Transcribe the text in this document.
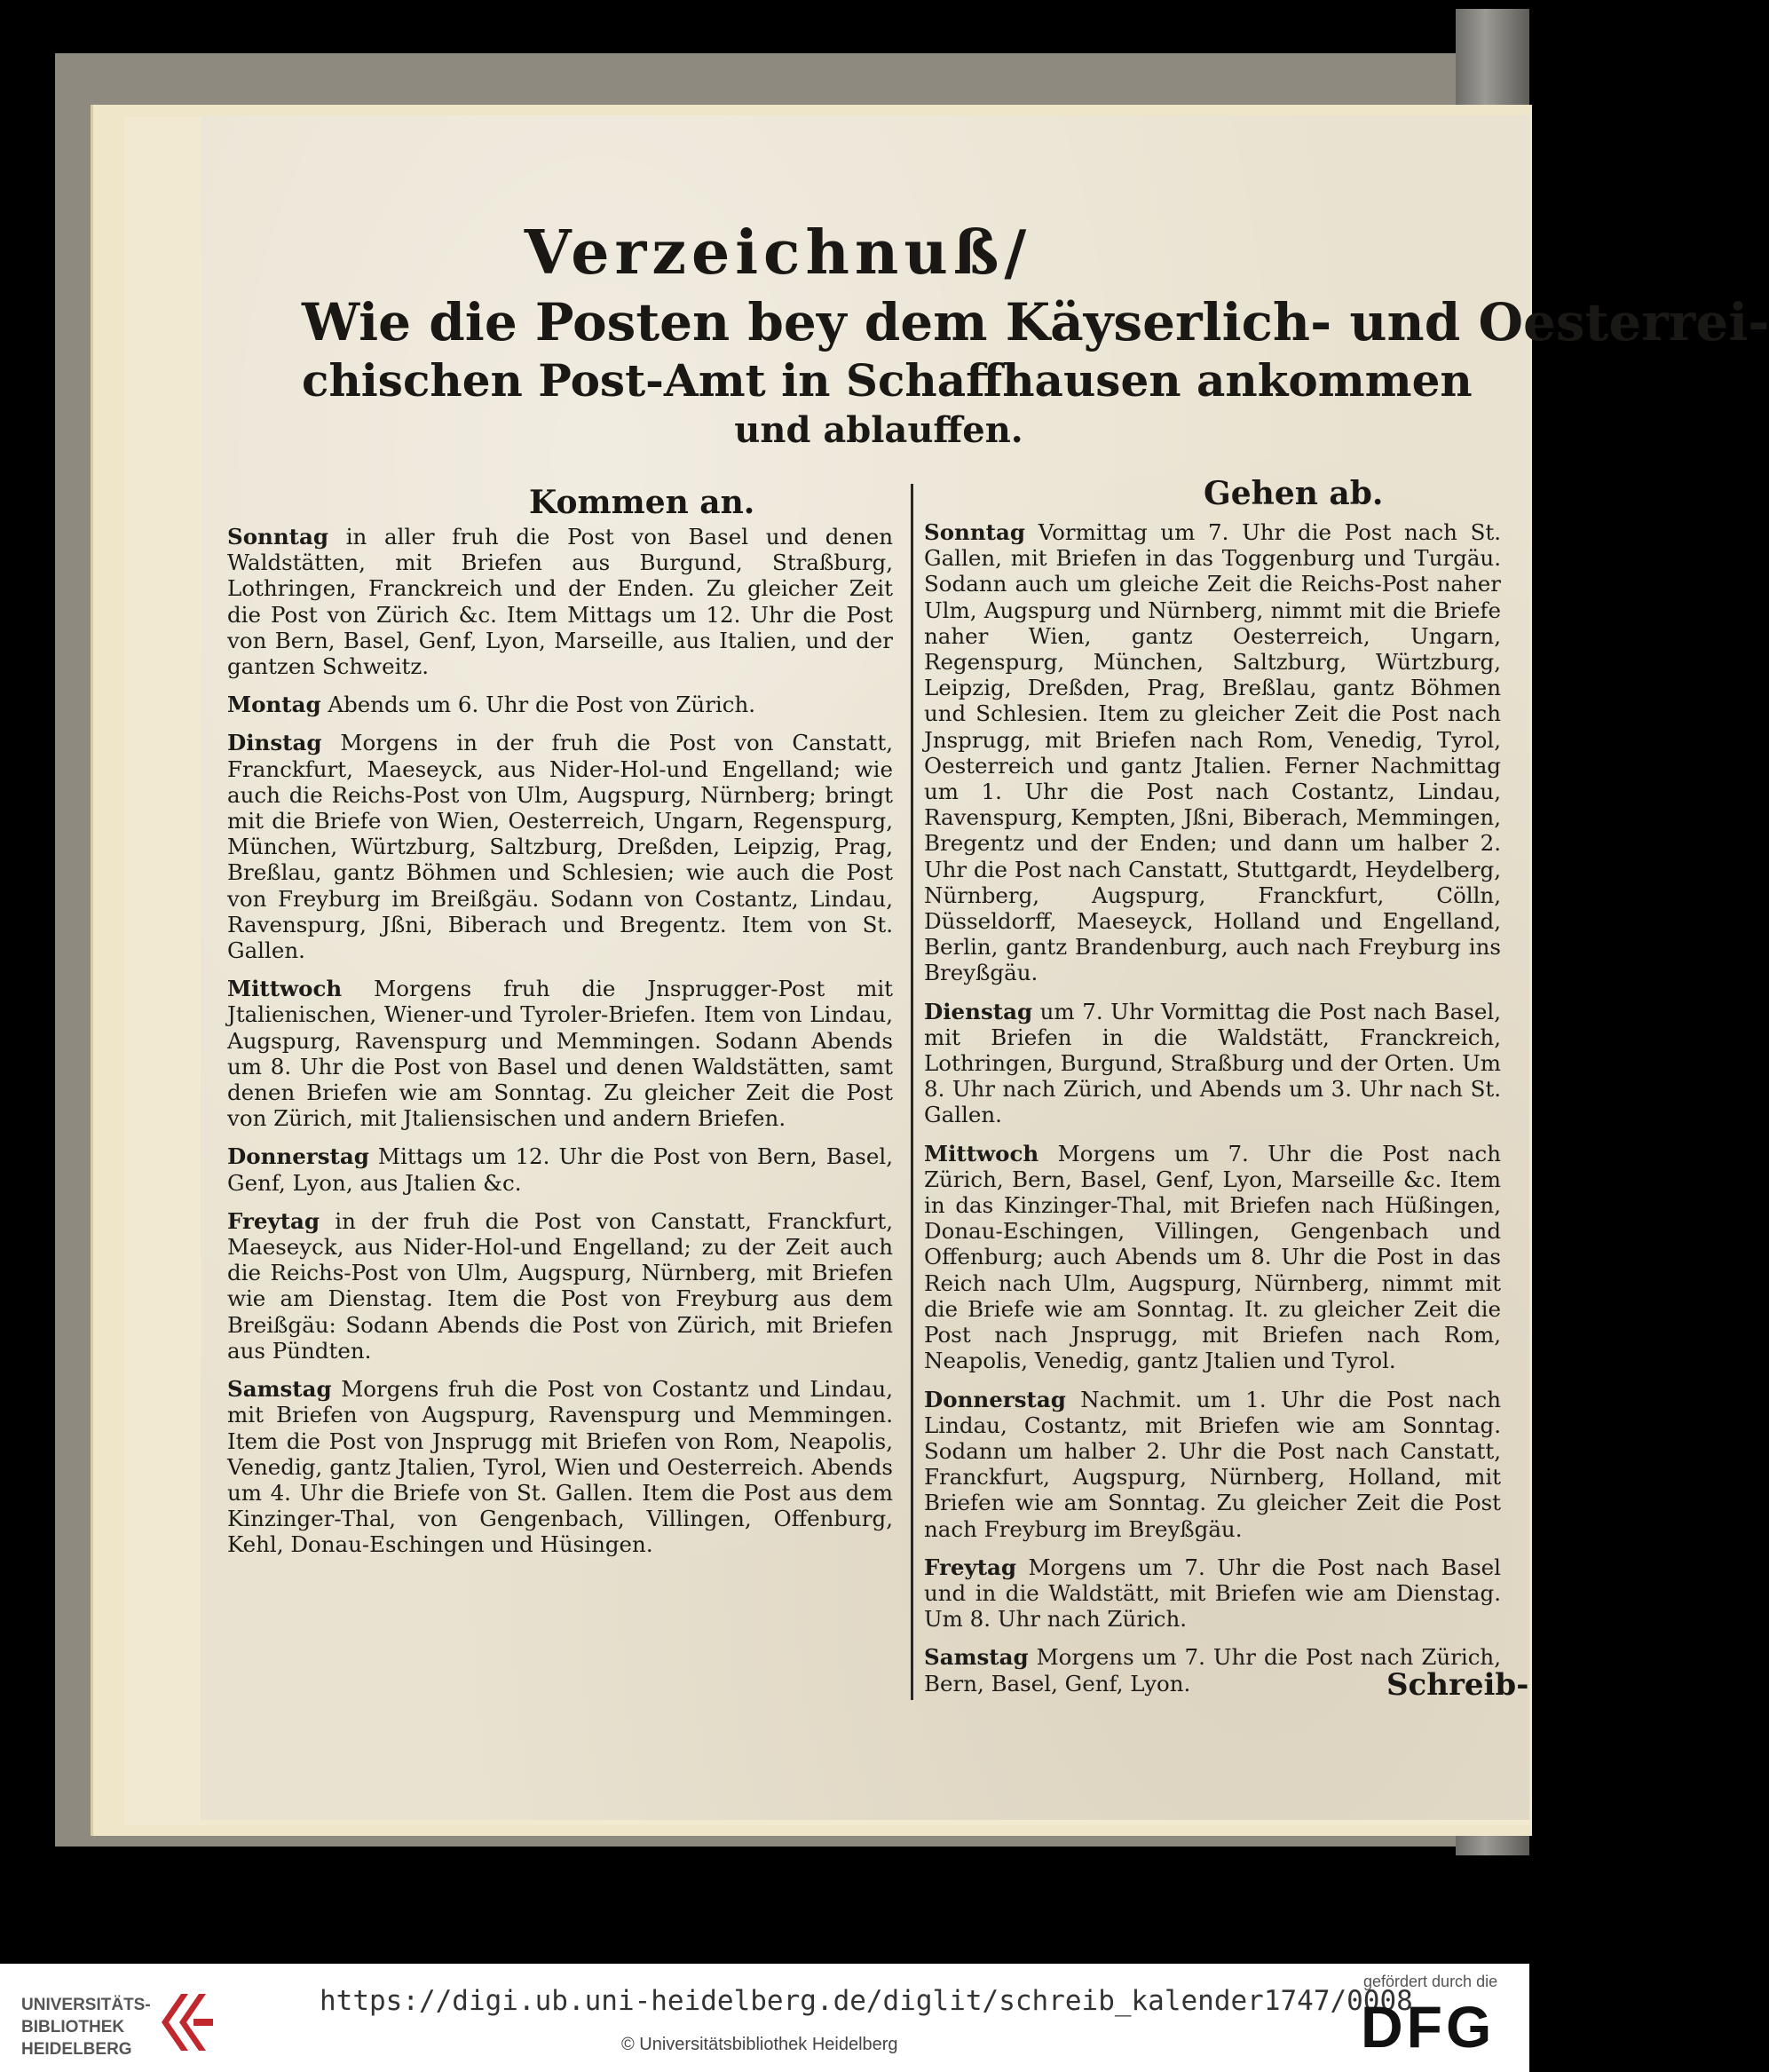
Verzeichnuß/
Wie die Posten bey dem Käyserlich- und Oesterrei-
chischen Post-Amt in Schaffhausen ankommen
und ablauffen.
Kommen an.	Gehen ab.

Sonntag in aller fruh die Post von Basel und denen Waldstätten, mit Briefen aus Burgund, Straßburg, Lothringen, Franckreich und der Enden. Zu gleicher Zeit die Post von Zürich &c. Item Mittags um 12. Uhr die Post von Bern, Basel, Genf, Lyon, Marseille, aus Italien, und der gantzen Schweitz.

Montag Abends um 6. Uhr die Post von Zürich.

Dinstag Morgens in der fruh die Post von Canstatt, Franckfurt, Maeseyck, aus Nider-Hol-und Engelland; wie auch die Reichs-Post von Ulm, Augspurg, Nürnberg; bringt mit die Briefe von Wien, Oesterreich, Ungarn, Regenspurg, München, Würtzburg, Saltzburg, Dreßden, Leipzig, Prag, Breßlau, gantz Böhmen und Schlesien; wie auch die Post von Freyburg im Breißgäu. Sodann von Costantz, Lindau, Ravenspurg, Jßni, Biberach und Bregentz. Item von St. Gallen.

Mittwoch Morgens fruh die Jnsprugger-Post mit Jtalienischen, Wiener-und Tyroler-Briefen. Item von Lindau, Augspurg, Ravenspurg und Memmingen. Sodann Abends um 8. Uhr die Post von Basel und denen Waldstätten, samt denen Briefen wie am Sonntag. Zu gleicher Zeit die Post von Zürich, mit Jtaliensischen und andern Briefen.

Donnerstag Mittags um 12. Uhr die Post von Bern, Basel, Genf, Lyon, aus Jtalien &c.

Freytag in der fruh die Post von Canstatt, Franckfurt, Maeseyck, aus Nider-Hol-und Engelland; zu der Zeit auch die Reichs-Post von Ulm, Augspurg, Nürnberg, mit Briefen wie am Dienstag. Item die Post von Freyburg aus dem Breißgäu: Sodann Abends die Post von Zürich, mit Briefen aus Pündten.

Samstag Morgens fruh die Post von Costantz und Lindau, mit Briefen von Augspurg, Ravenspurg und Memmingen. Item die Post von Jnsprugg mit Briefen von Rom, Neapolis, Venedig, gantz Jtalien, Tyrol, Wien und Oesterreich. Abends um 4. Uhr die Briefe von St. Gallen. Item die Post aus dem Kinzinger-Thal, von Gengenbach, Villingen, Offenburg, Kehl, Donau-Eschingen und Hüsingen.

Sonntag Vormittag um 7. Uhr die Post nach St. Gallen, mit Briefen in das Toggenburg und Turgäu. Sodann auch um gleiche Zeit die Reichs-Post naher Ulm, Augspurg und Nürnberg, nimmt mit die Briefe naher Wien, gantz Oesterreich, Ungarn, Regenspurg, München, Saltzburg, Würtzburg, Leipzig, Dreßden, Prag, Breßlau, gantz Böhmen und Schlesien. Item zu gleicher Zeit die Post nach Jnsprugg, mit Briefen nach Rom, Venedig, Tyrol, Oesterreich und gantz Jtalien. Ferner Nachmittag um 1. Uhr die Post nach Costantz, Lindau, Ravenspurg, Kempten, Jßni, Biberach, Memmingen, Bregentz und der Enden; und dann um halber 2. Uhr die Post nach Canstatt, Stuttgardt, Heydelberg, Nürnberg, Augspurg, Franckfurt, Cölln, Düsseldorff, Maeseyck, Holland und Engelland, Berlin, gantz Brandenburg, auch nach Freyburg ins Breyßgäu.

Dienstag um 7. Uhr Vormittag die Post nach Basel, mit Briefen in die Waldstätt, Franckreich, Lothringen, Burgund, Straßburg und der Orten. Um 8. Uhr nach Zürich, und Abends um 3. Uhr nach St. Gallen.

Mittwoch Morgens um 7. Uhr die Post nach Zürich, Bern, Basel, Genf, Lyon, Marseille &c. Item in das Kinzinger-Thal, mit Briefen nach Hüßingen, Donau-Eschingen, Villingen, Gengenbach und Offenburg; auch Abends um 8. Uhr die Post in das Reich nach Ulm, Augspurg, Nürnberg, nimmt mit die Briefe wie am Sonntag. It. zu gleicher Zeit die Post nach Jnsprugg, mit Briefen nach Rom, Neapolis, Venedig, gantz Jtalien und Tyrol.

Donnerstag Nachmit. um 1. Uhr die Post nach Lindau, Costantz, mit Briefen wie am Sonntag. Sodann um halber 2. Uhr die Post nach Canstatt, Franckfurt, Augspurg, Nürnberg, Holland, mit Briefen wie am Sonntag. Zu gleicher Zeit die Post nach Freyburg im Breyßgäu.

Freytag Morgens um 7. Uhr die Post nach Basel und in die Waldstätt, mit Briefen wie am Dienstag. Um 8. Uhr nach Zürich.

Samstag Morgens um 7. Uhr die Post nach Zürich, Bern, Basel, Genf, Lyon.	Schreib-
UNIVERSITÄTS-
BIBLIOTHEK
HEIDELBERG
https://digi.ub.uni-heidelberg.de/diglit/schreib_kalender1747/0008
© Universitätsbibliothek Heidelberg
gefördert durch die
DFG
